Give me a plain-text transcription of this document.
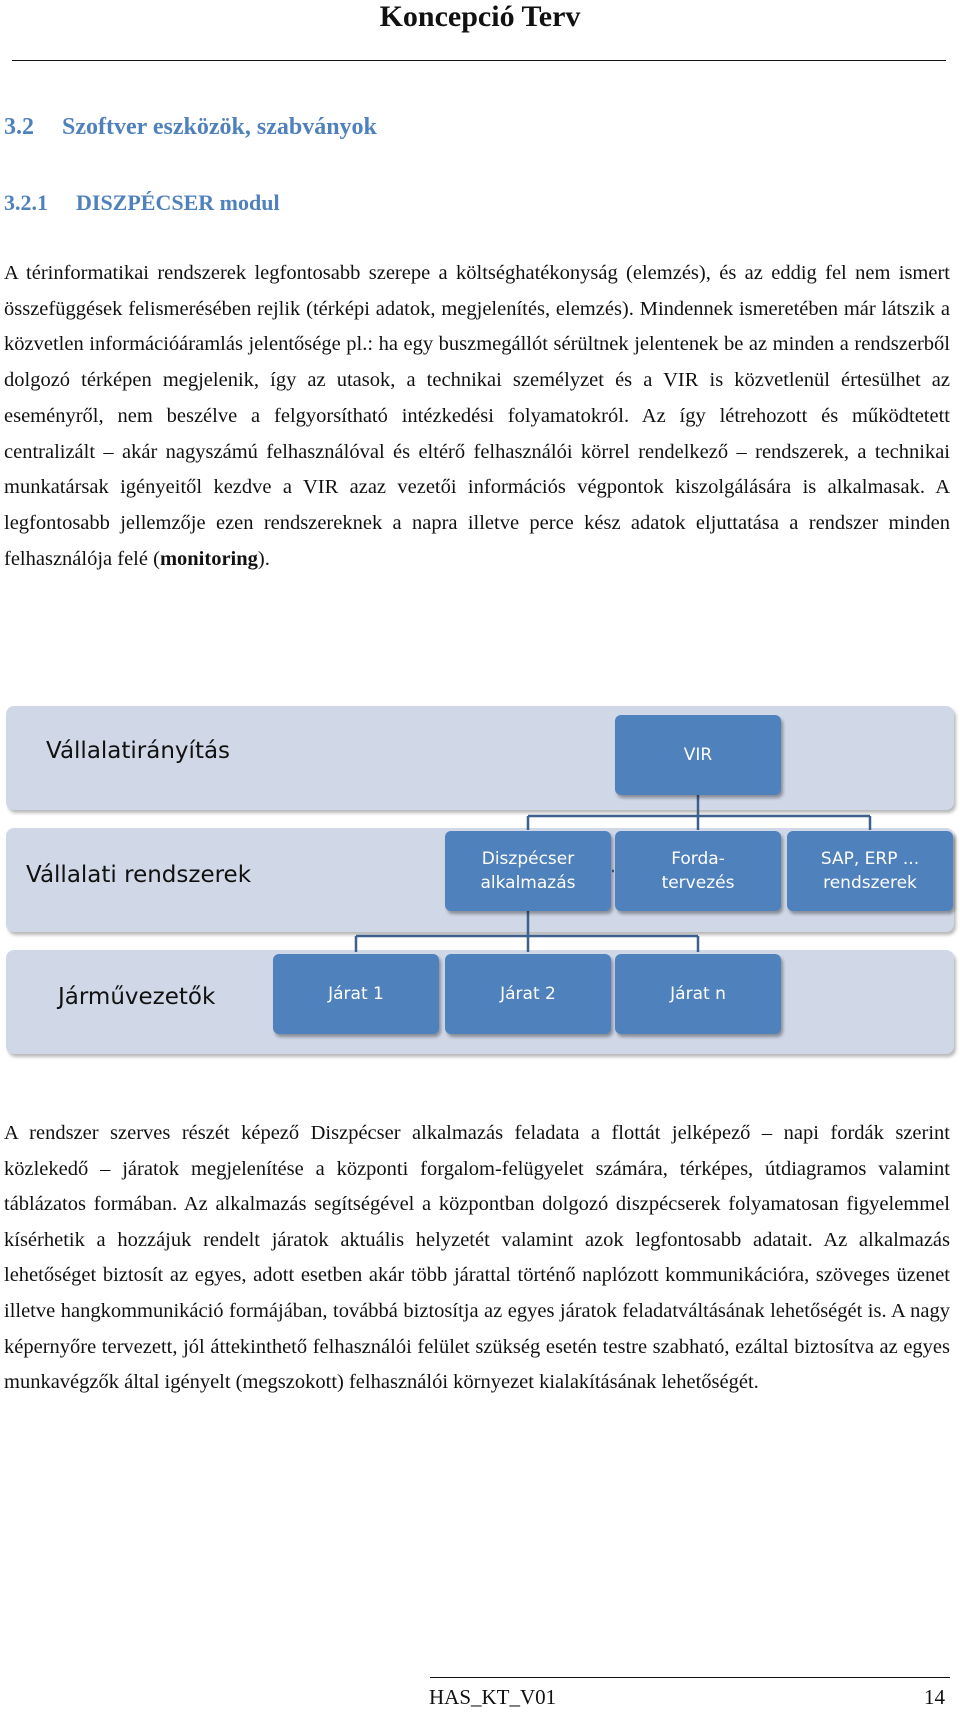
Koncepció Terv
3.2 Szoftver eszközök, szabványok
3.2.1 DISZPÉCSER modul
A térinformatikai rendszerek legfontosabb szerepe a költséghatékonyság (elemzés), és az eddig fel nem ismert összefüggések felismerésében rejlik (térképi adatok, megjelenítés, elemzés). Mindennek ismeretében már látszik a közvetlen információáramlás jelentősége pl.: ha egy buszmegállót sérültnek jelentenek be az minden a rendszerből dolgozó térképen megjelenik, így az utasok, a technikai személyzet és a VIR is közvetlenül értesülhet az eseményről, nem beszélve a felgyorsítható intézkedési folyamatokról. Az így létrehozott és működtetett centralizált – akár nagyszámú felhasználóval és eltérő felhasználói körrel rendelkező – rendszerek, a technikai munkatársak igényeitől kezdve a VIR azaz vezetői információs végpontok kiszolgálására is alkalmasak. A legfontosabb jellemzője ezen rendszereknek a napra illetve perce kész adatok eljuttatása a rendszer minden felhasználója felé (monitoring).
Vállalatirányítás
Vállalati rendszerek
Járművezetők
VIR
Diszpécser
alkalmazás
Forda-
tervezés
SAP, ERP ...
rendszerek
Járat 1	Járat 2	Járat n
A rendszer szerves részét képező Diszpécser alkalmazás feladata a flottát jelképező – napi fordák szerint közlekedő – járatok megjelenítése a központi forgalom-felügyelet számára, térképes, útdiagramos valamint táblázatos formában. Az alkalmazás segítségével a központban dolgozó diszpécserek folyamatosan figyelemmel kísérhetik a hozzájuk rendelt járatok aktuális helyzetét valamint azok legfontosabb adatait. Az alkalmazás lehetőséget biztosít az egyes, adott esetben akár több járattal történő naplózott kommunikációra, szöveges üzenet illetve hangkommunikáció formájában, továbbá biztosítja az egyes járatok feladatváltásának lehetőségét is. A nagy képernyőre tervezett, jól áttekinthető felhasználói felület szükség esetén testre szabható, ezáltal biztosítva az egyes munkavégzők által igényelt (megszokott) felhasználói környezet kialakításának lehetőségét.
HAS_KT_V01	14
